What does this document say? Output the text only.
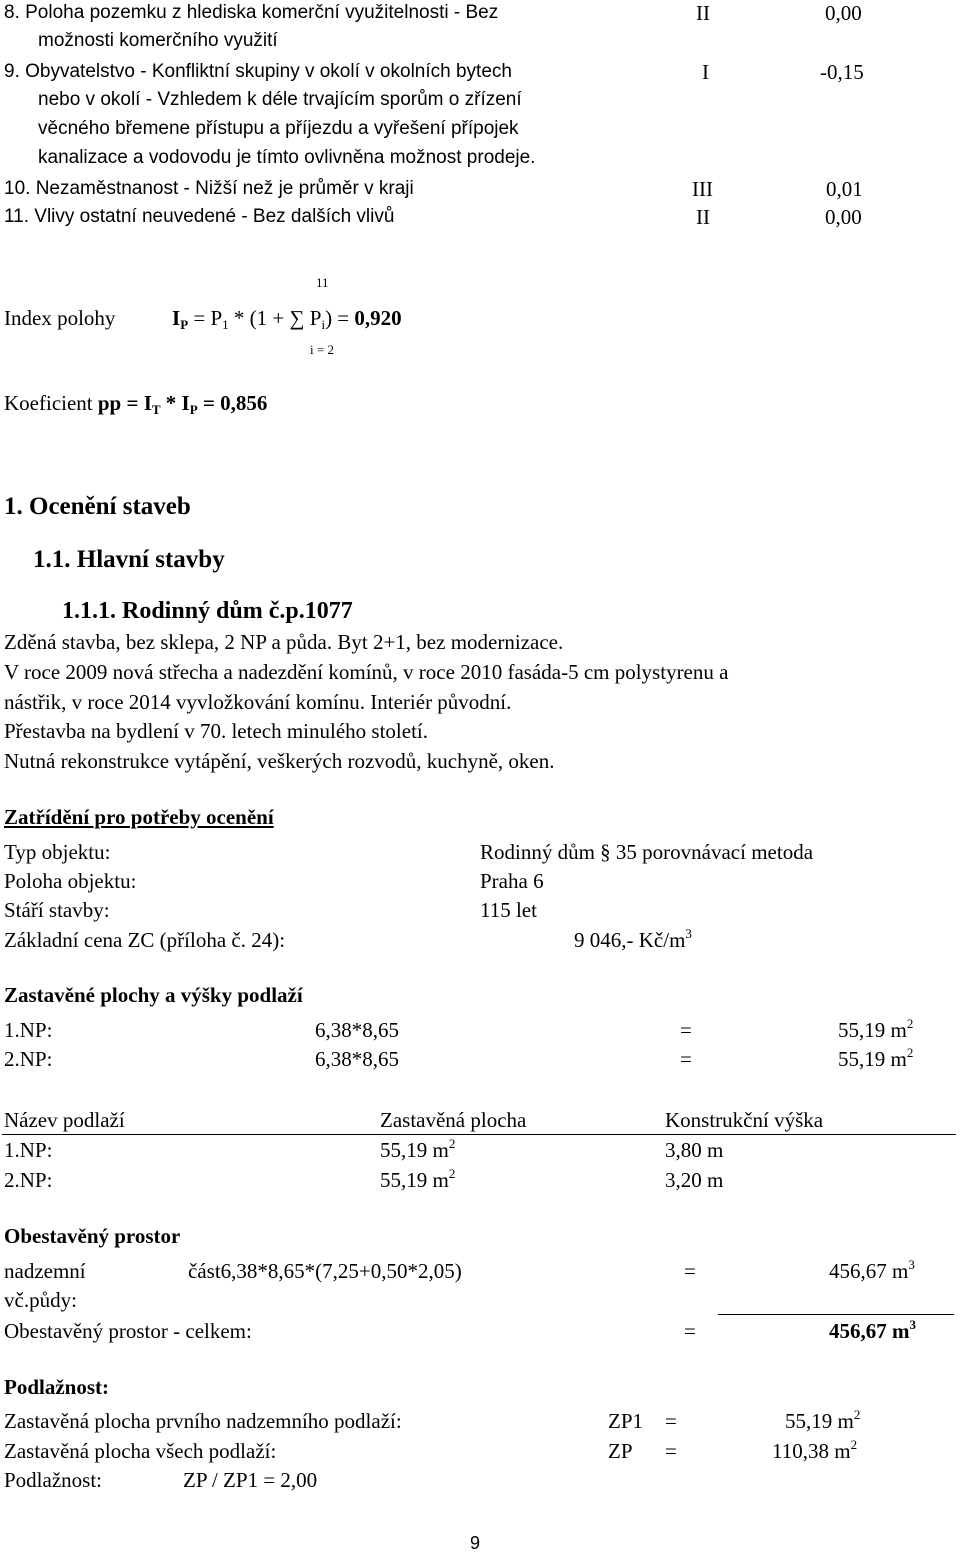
8. Poloha pozemku z hlediska komerční využitelnosti - Bez
možnosti komerčního využití
II	0,00
9. Obyvatelstvo - Konfliktní skupiny v okolí v okolních bytech
nebo v okolí - Vzhledem k déle trvajícím sporům o zřízení
věcného břemene přístupu a příjezdu a vyřešení přípojek
kanalizace a vodovodu je tímto ovlivněna možnost prodeje.
I	-0,15
10. Nezaměstnanost - Nižší než je průměr v kraji	III	0,01
11. Vlivy ostatní neuvedené - Bez dalších vlivů	II	0,00
Index polohy
11
i = 2
$I_P = P_1 * (1$ + ∑ $P_i) = 0,920$
Koeficient pp = $I_T * I_P = 0,856$
1. Ocenění staveb
1.1. Hlavní stavby
1.1.1. Rodinný dům č.p.1077
Zděná stavba, bez sklepa, 2 NP a půda. Byt 2+1, bez modernizace.
V roce 2009 nová střecha a nadezdění komínů, v roce 2010 fasáda-5 cm polystyrenu a
nástřik, v roce 2014 vyvložkování komínu. Interiér původní.
Přestavba na bydlení v 70. letech minulého století.
Nutná rekonstrukce vytápění, veškerých rozvodů, kuchyně, oken.
Zatřídění pro potřeby ocenění
Typ objektu:	Rodinný dům § 35 porovnávací metoda
Poloha objektu:	Praha 6
Stáří stavby:	115 let
Základní cena ZC (příloha č. 24):	9 046,- $Kč/m^3$
Zastavěné plochy a výšky podlaží
1.NP:	6,38*8,65	=	55,19 $m^2$
2.NP:	6,38*8,65	=	55,19 $m^2$
Název podlaží	Zastavěná plocha	Konstrukční výška
1.NP:	55,19 $m^2$	3,80 m
2.NP:	55,19 $m^2$	3,20 m
Obestavěný prostor
nadzemní	část6,38*8,65*(7,25+0,50*2,05)	=	456,67 $m^3$
vč.půdy:
Obestavěný prostor - celkem:	=	456,67 $m^3$
Podlažnost:
Zastavěná plocha prvního nadzemního podlaží:	ZP1 =	55,19 $m^2$
Zastavěná plocha všech podlaží:	ZP =	110,38 $m^2$
Podlažnost:	ZP / ZP1 = 2,00
9
